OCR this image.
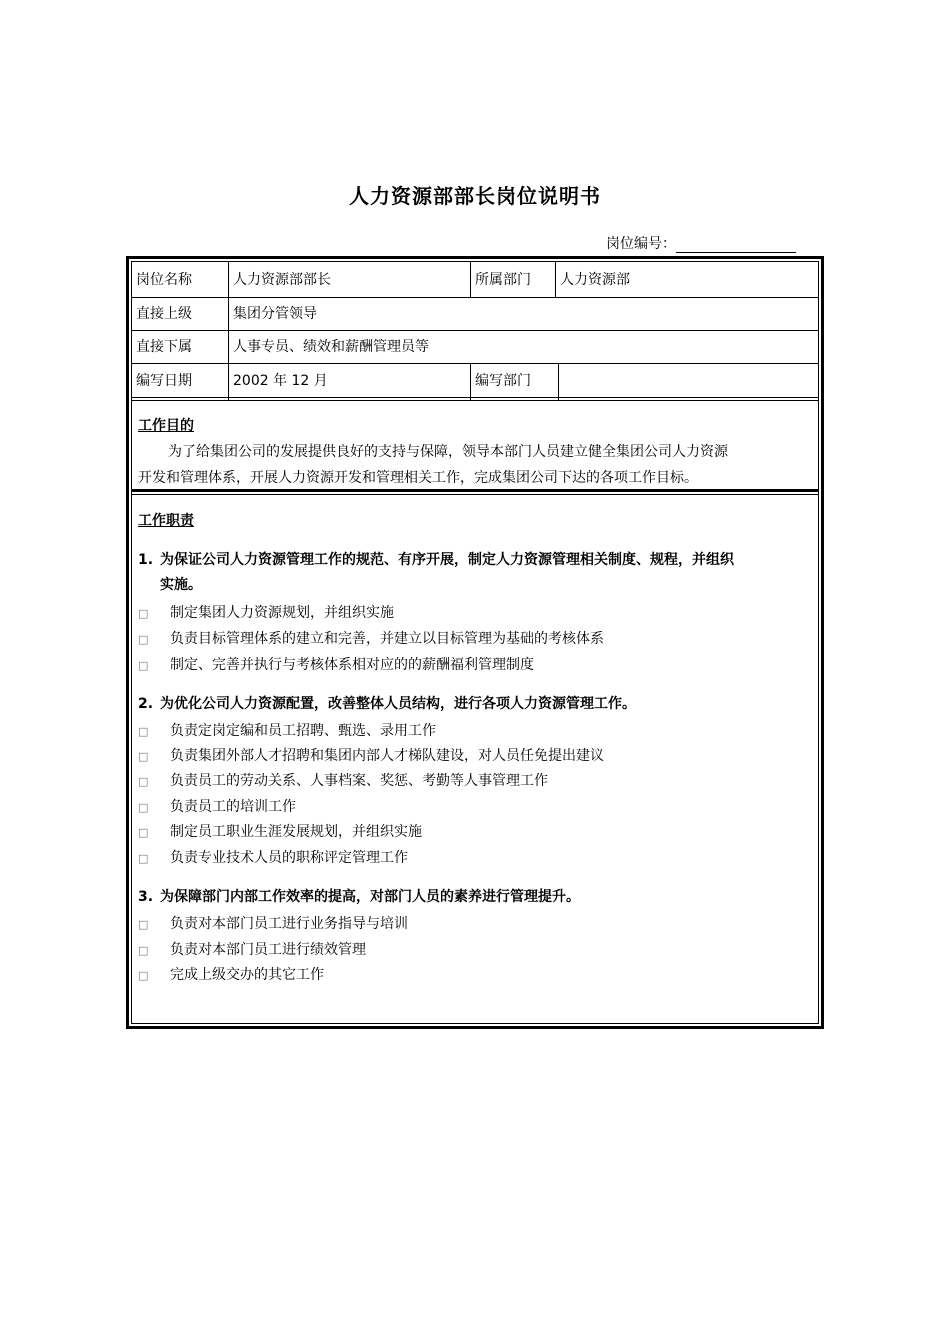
人力资源部部长岗位说明书
岗位编号：
岗位名称	人力资源部部长	所属部门	人力资源部
直接上级	集团分管领导
直接下属	人事专员、绩效和薪酬管理员等
编写日期	2002 年 12 月	编写部门
工作目的
为了给集团公司的发展提供良好的支持与保障，领导本部门人员建立健全集团公司人力资源
开发和管理体系，开展人力资源开发和管理相关工作，完成集团公司下达的各项工作目标。
工作职责
1. 为保证公司人力资源管理工作的规范、有序开展，制定人力资源管理相关制度、规程，并组织
实施。
□ 制定集团人力资源规划，并组织实施
□ 负责目标管理体系的建立和完善，并建立以目标管理为基础的考核体系
□ 制定、完善并执行与考核体系相对应的的薪酬福利管理制度
2. 为优化公司人力资源配置，改善整体人员结构，进行各项人力资源管理工作。
□ 负责定岗定编和员工招聘、甄选、录用工作
□ 负责集团外部人才招聘和集团内部人才梯队建设，对人员任免提出建议
□ 负责员工的劳动关系、人事档案、奖惩、考勤等人事管理工作
□ 负责员工的培训工作
□ 制定员工职业生涯发展规划，并组织实施
□ 负责专业技术人员的职称评定管理工作
3. 为保障部门内部工作效率的提高，对部门人员的素养进行管理提升。
□ 负责对本部门员工进行业务指导与培训
□ 负责对本部门员工进行绩效管理
□ 完成上级交办的其它工作
